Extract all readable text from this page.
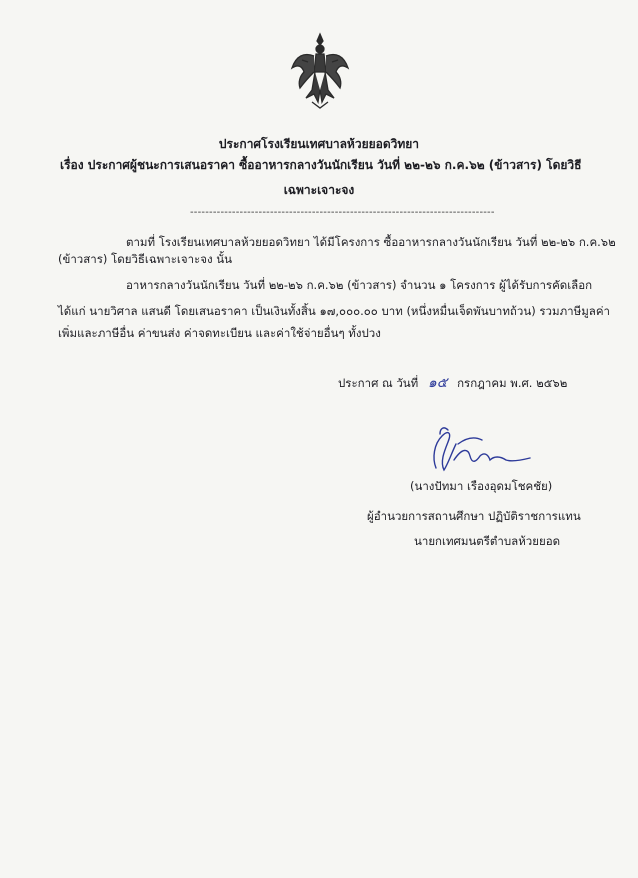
ประกาศโรงเรียนเทศบาลห้วยยอดวิทยา
เรื่อง ประกาศผู้ชนะการเสนอราคา ซื้ออาหารกลางวันนักเรียน วันที่ ๒๒-๒๖ ก.ค.๖๒ (ข้าวสาร) โดยวิธี
เฉพาะเจาะจง
--------------------------------------------------------------------------------
ตามที่ โรงเรียนเทศบาลห้วยยอดวิทยา ได้มีโครงการ ซื้ออาหารกลางวันนักเรียน วันที่ ๒๒-๒๖ ก.ค.๖๒
(ข้าวสาร) โดยวิธีเฉพาะเจาะจง นั้น
อาหารกลางวันนักเรียน วันที่ ๒๒-๒๖ ก.ค.๖๒ (ข้าวสาร) จำนวน ๑ โครงการ ผู้ได้รับการคัดเลือก
ได้แก่ นายวิศาล แสนดี โดยเสนอราคา เป็นเงินทั้งสิ้น ๑๗,๐๐๐.๐๐ บาท (หนึ่งหมื่นเจ็ดพันบาทถ้วน) รวมภาษีมูลค่า
เพิ่มและภาษีอื่น ค่าขนส่ง ค่าจดทะเบียน และค่าใช้จ่ายอื่นๆ ทั้งปวง
ประกาศ ณ วันที่ ๑๕ กรกฎาคม พ.ศ. ๒๕๖๒
(นางปัทมา เรืองอุดมโชคชัย)
ผู้อำนวยการสถานศึกษา ปฏิบัติราชการแทน
นายกเทศมนตรีตำบลห้วยยอด
